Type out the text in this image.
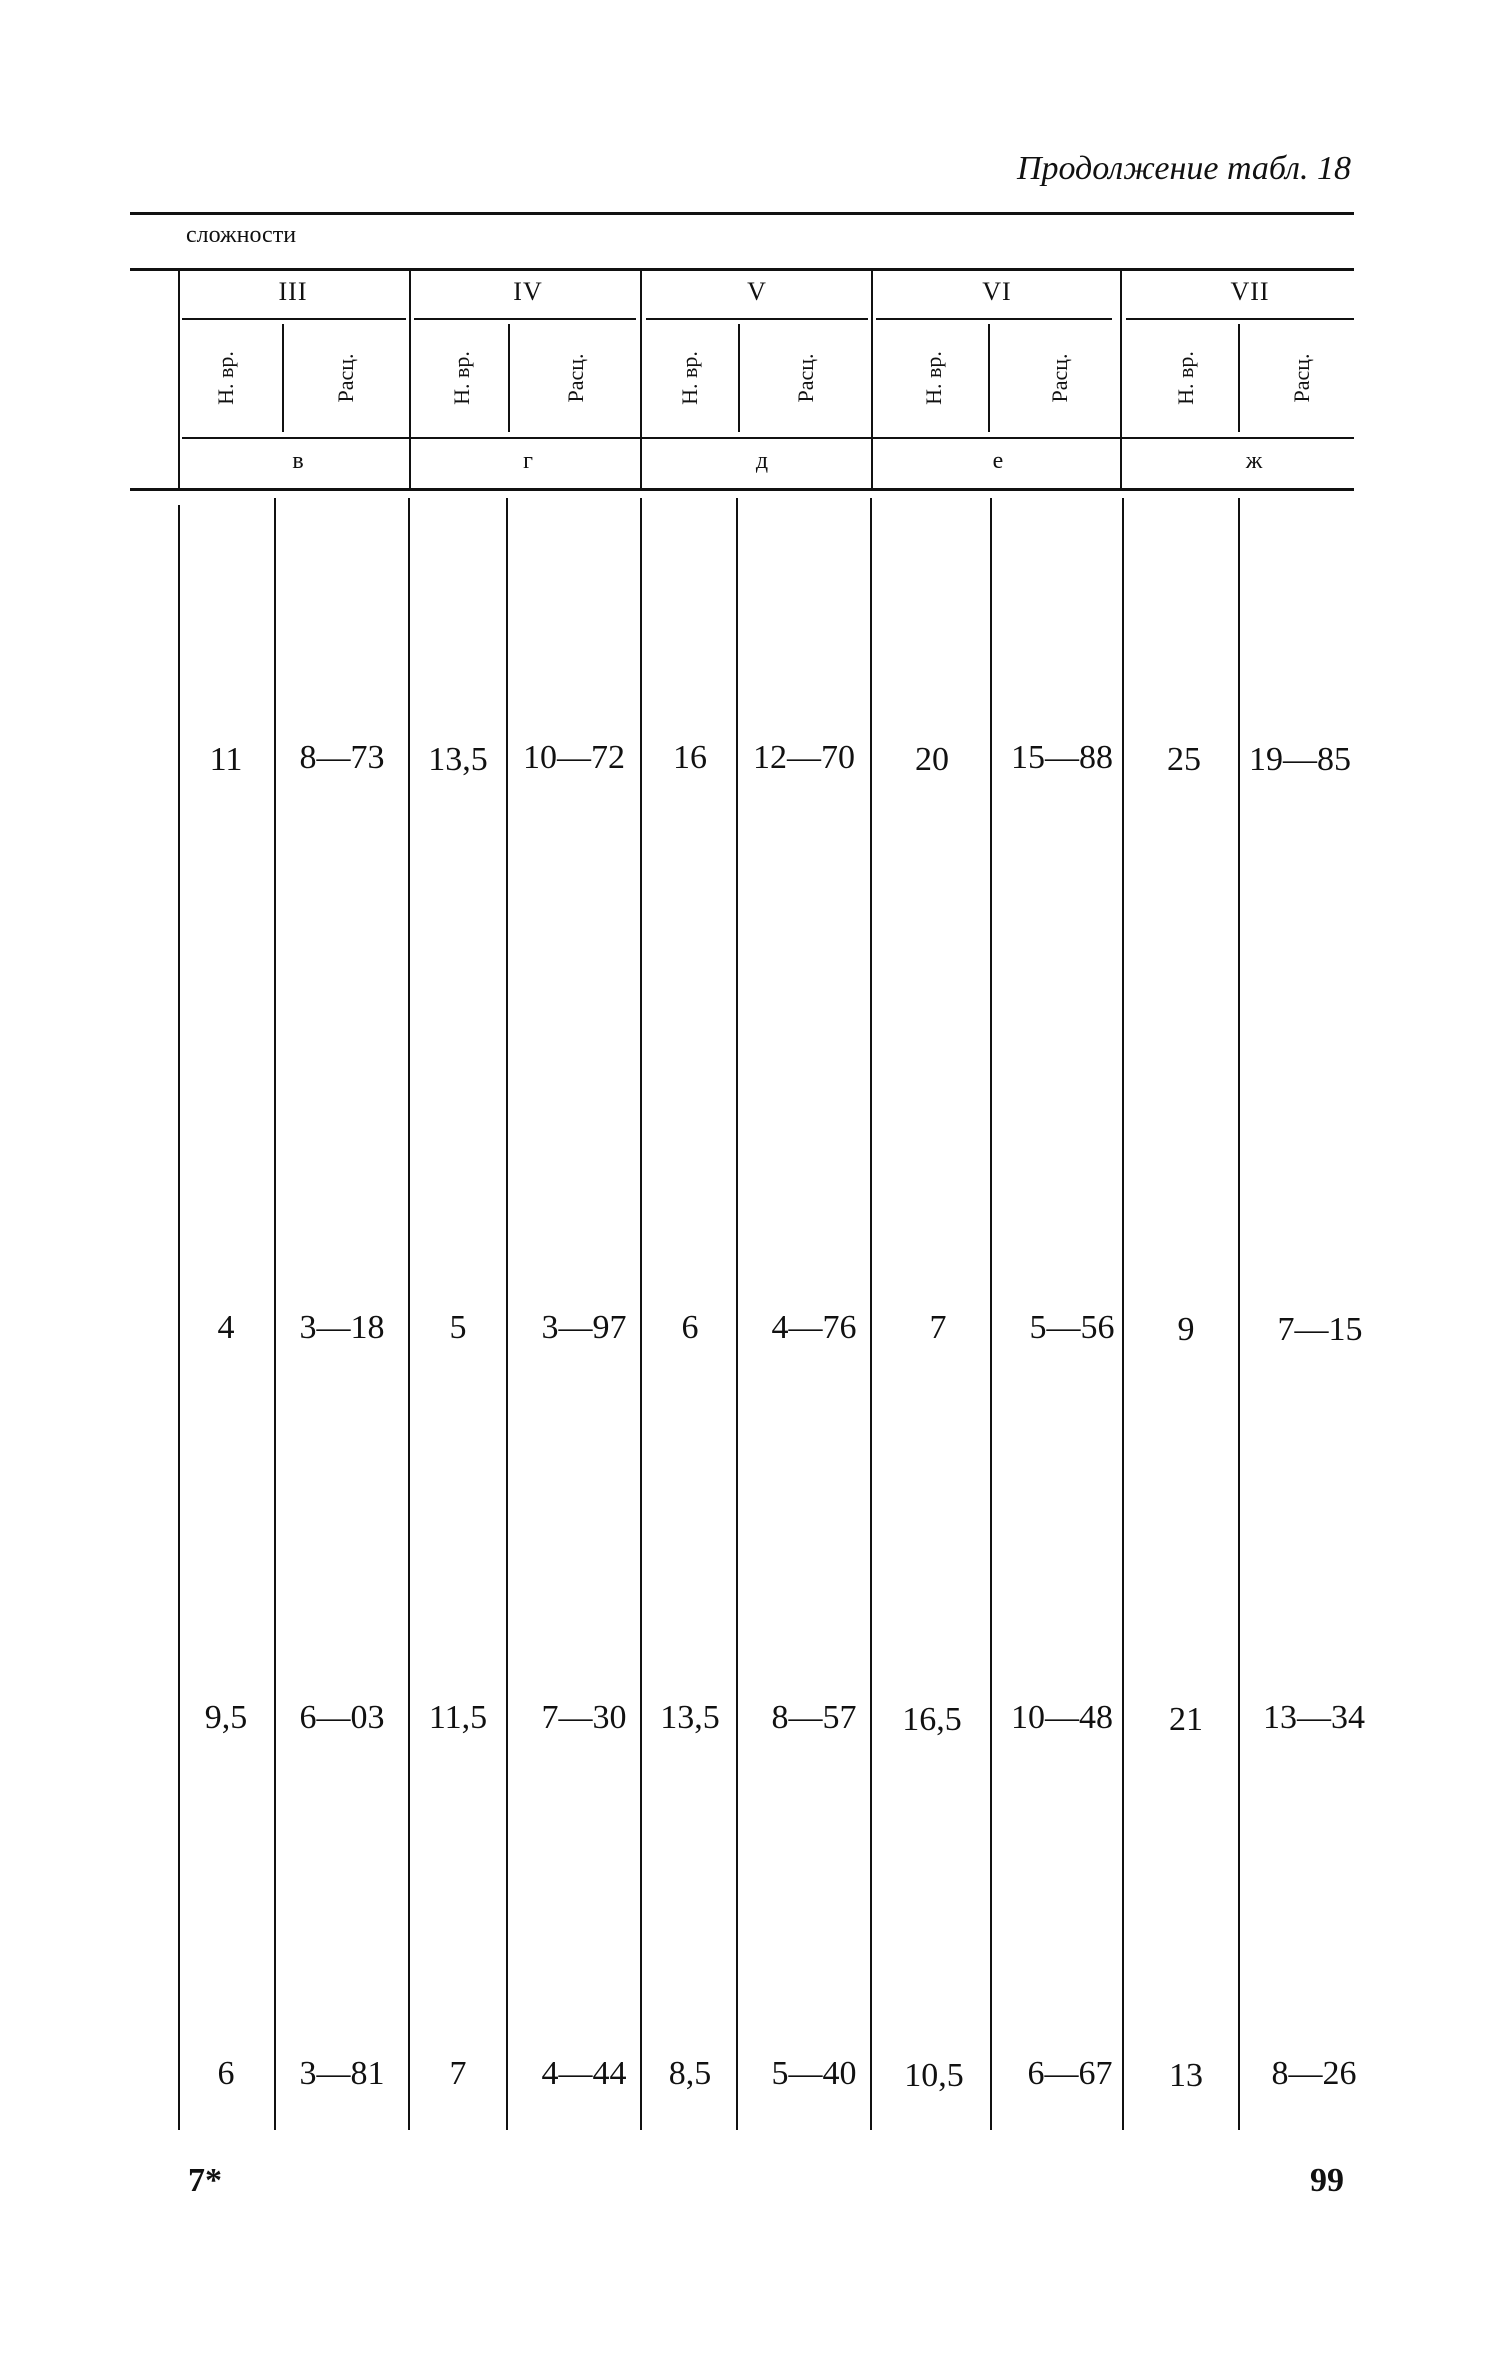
Продолжение табл. 18
сложности
III	IV	V	VI	VII
Н. вр.	Расц.	Н. вр.	Расц.	Н. вр.	Расц.	Н. вр.	Расц.	Н. вр.	Расц.
в	г	д	е	ж
11 8—73 13,5 10—72 16 12—70 20 15—88 25 19—85
4 3—18 5 3—97 6 4—76 7 5—56 9 7—15
9,5 6—03 11,5 7—30 13,5 8—57 16,5 10—48 21 13—34
6 3—81 7 4—44 8,5 5—40 10,5 6—67 13 8—26
7*	99
